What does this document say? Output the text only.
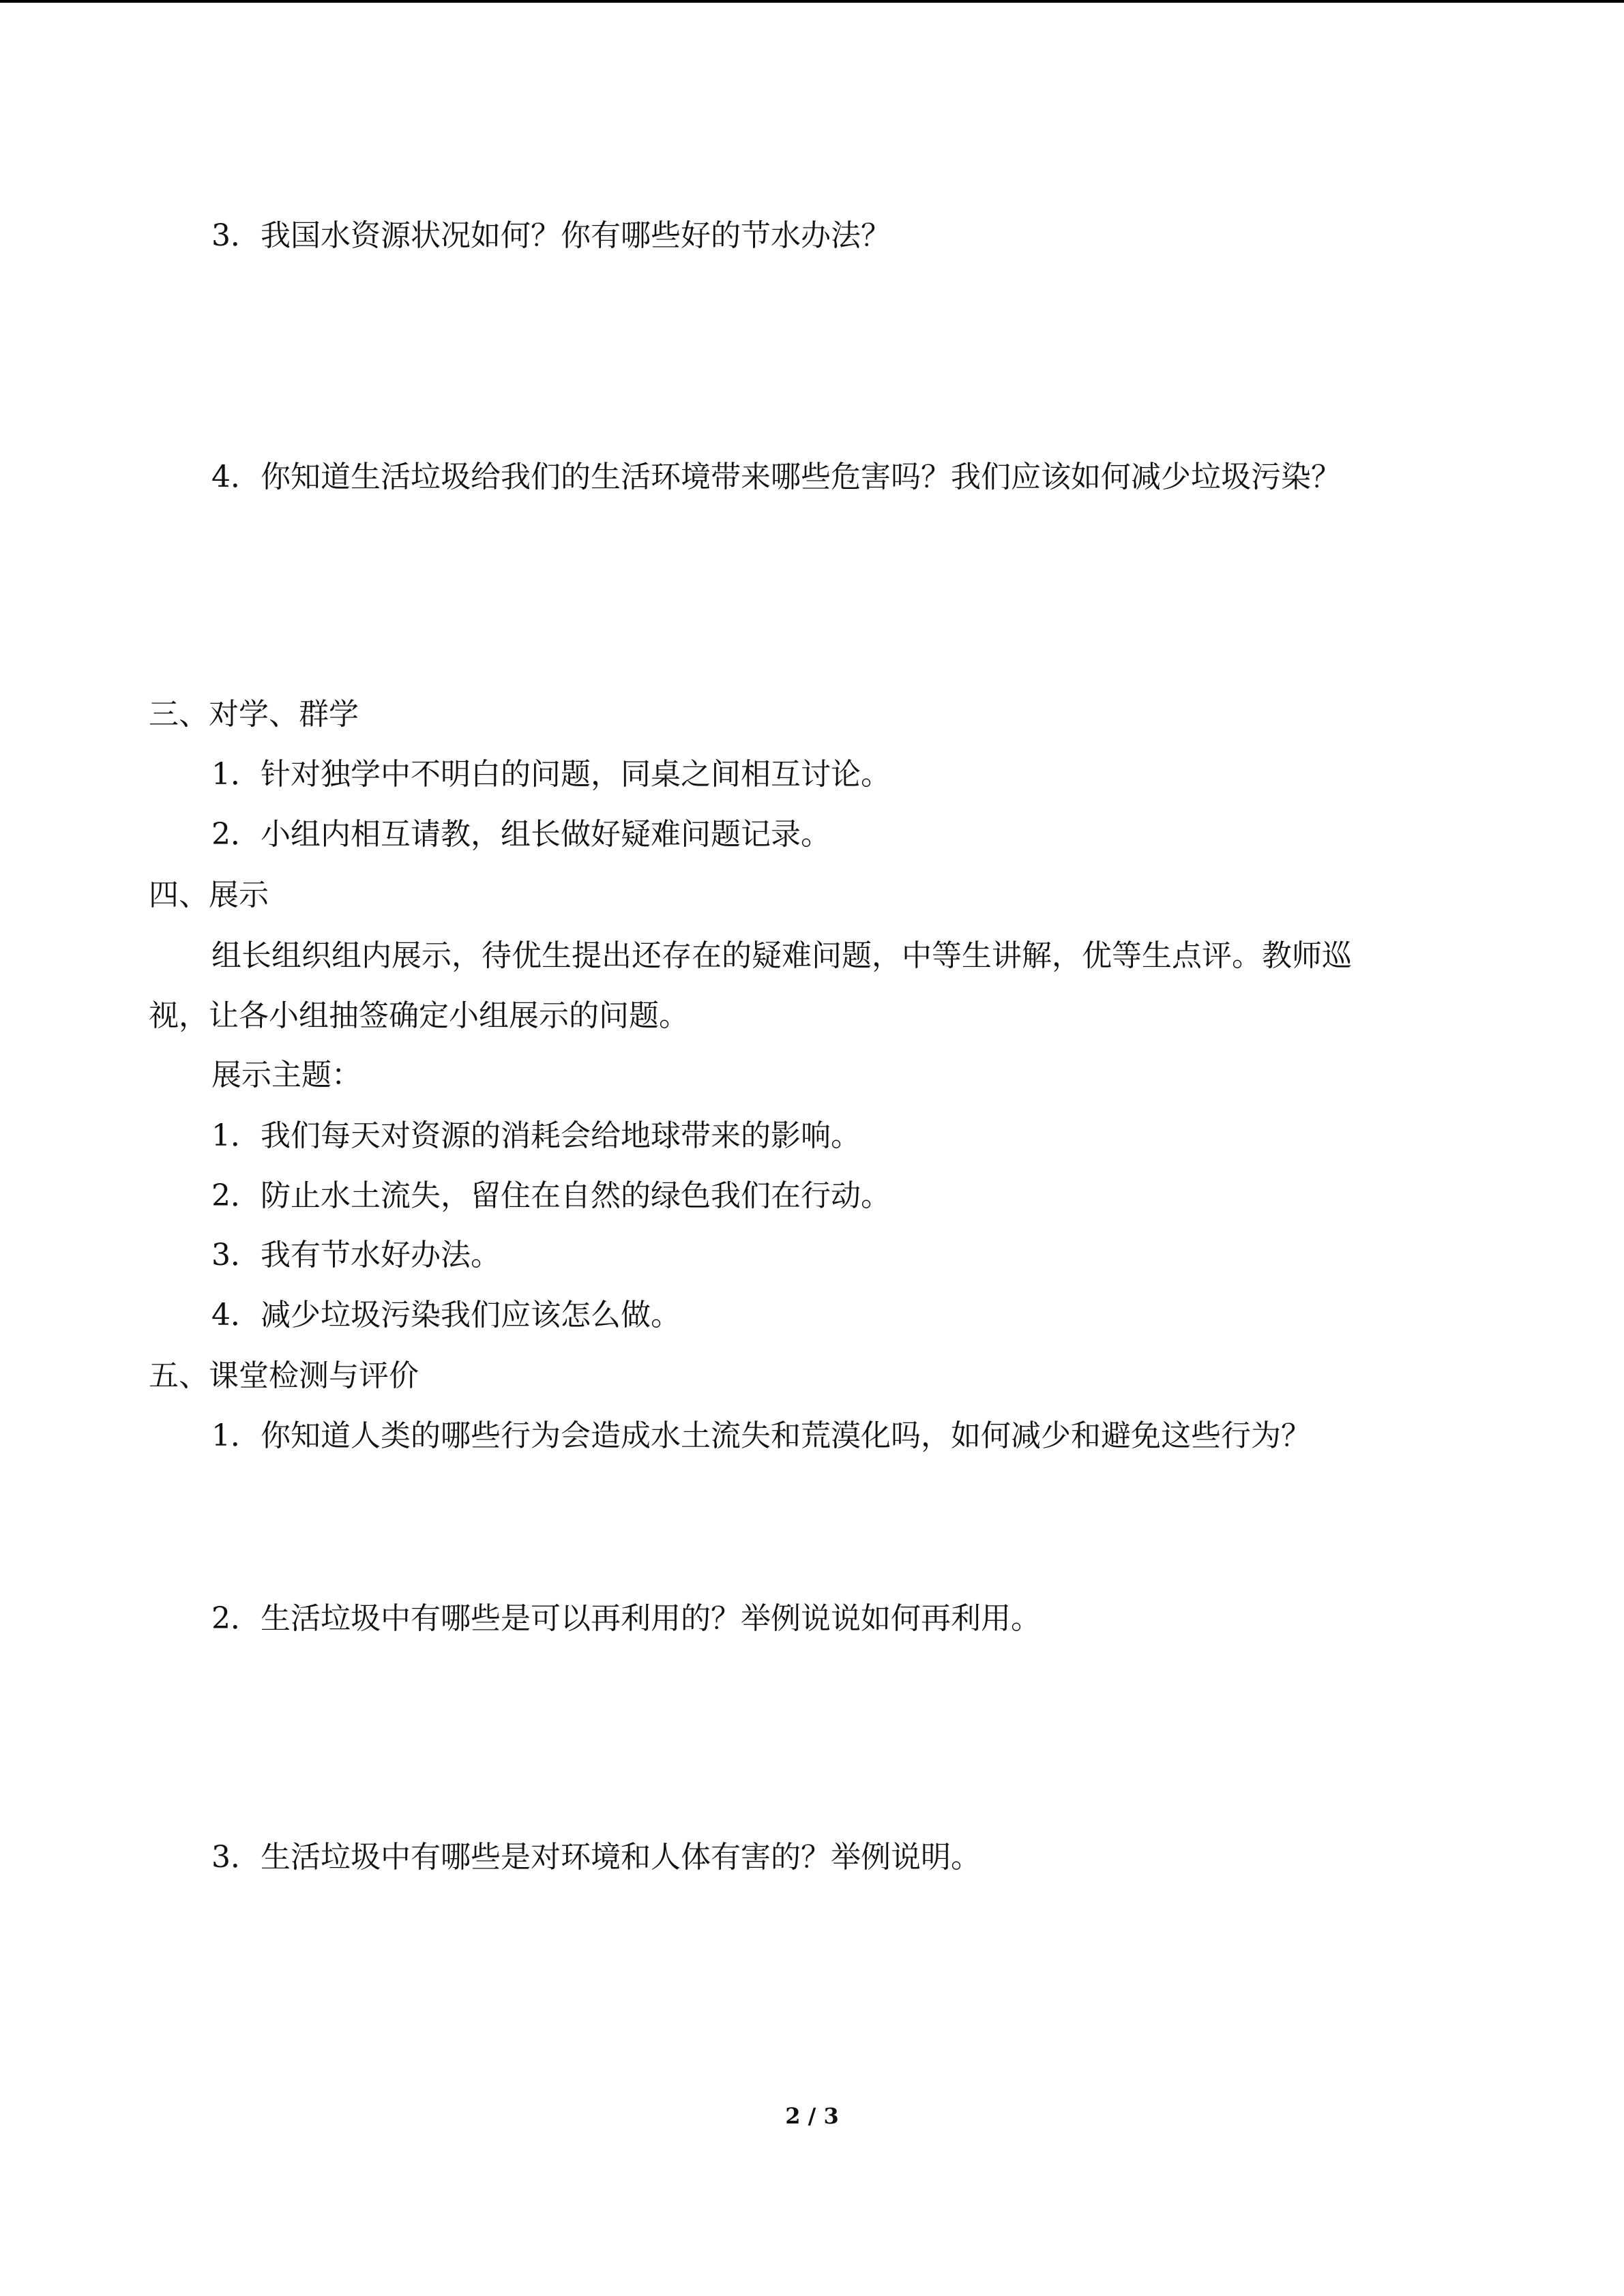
3．我国水资源状况如何？你有哪些好的节水办法？
4．你知道生活垃圾给我们的生活环境带来哪些危害吗？我们应该如何减少垃圾污染？
三、对学、群学
1．针对独学中不明白的问题，同桌之间相互讨论。
2．小组内相互请教，组长做好疑难问题记录。
四、展示
组长组织组内展示，待优生提出还存在的疑难问题，中等生讲解，优等生点评。教师巡
视，让各小组抽签确定小组展示的问题。
展示主题：
1．我们每天对资源的消耗会给地球带来的影响。
2．防止水土流失，留住在自然的绿色我们在行动。
3．我有节水好办法。
4．减少垃圾污染我们应该怎么做。
五、课堂检测与评价
1．你知道人类的哪些行为会造成水土流失和荒漠化吗，如何减少和避免这些行为？
2．生活垃圾中有哪些是可以再利用的？举例说说如何再利用。
3．生活垃圾中有哪些是对环境和人体有害的？举例说明。
2 / 3
